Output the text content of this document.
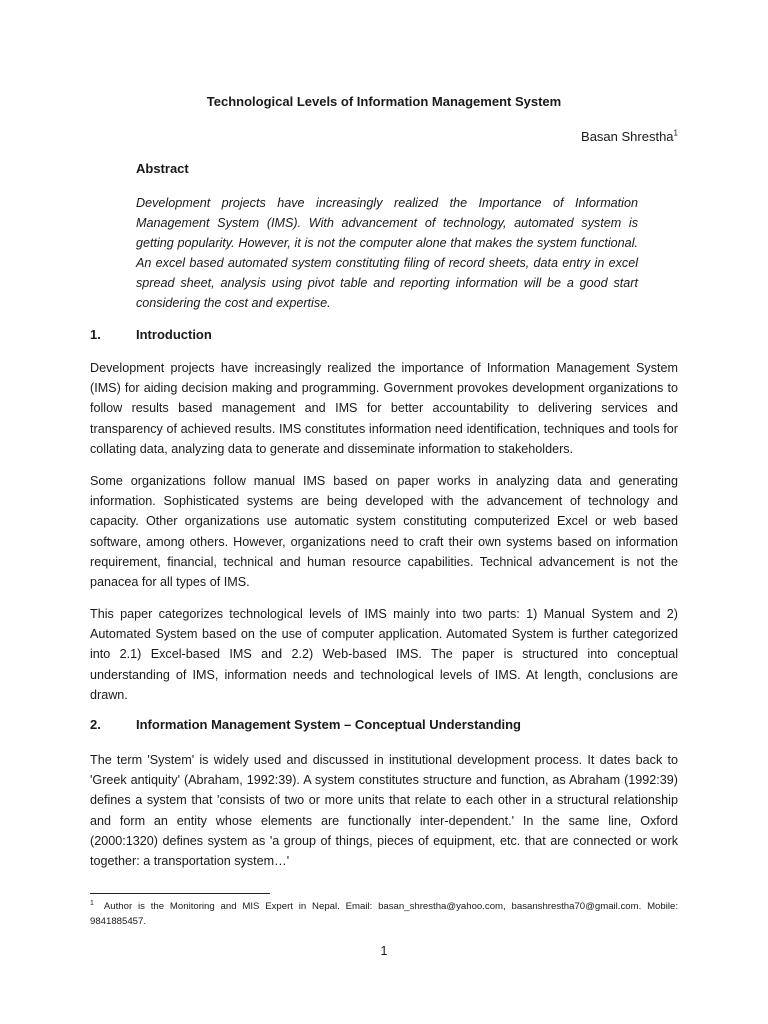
Technological Levels of Information Management System
Basan Shrestha$^1$
Abstract

Development projects have increasingly realized the Importance of Information Management System (IMS). With advancement of technology, automated system is getting popularity. However, it is not the computer alone that makes the system functional. An excel based automated system constituting filing of record sheets, data entry in excel spread sheet, analysis using pivot table and reporting information will be a good start considering the cost and expertise.

1.	Introduction

Development projects have increasingly realized the importance of Information Management System (IMS) for aiding decision making and programming. Government provokes development organizations to follow results based management and IMS for better accountability to delivering services and transparency of achieved results. IMS constitutes information need identification, techniques and tools for collating data, analyzing data to generate and disseminate information to stakeholders.

Some organizations follow manual IMS based on paper works in analyzing data and generating information. Sophisticated systems are being developed with the advancement of technology and capacity. Other organizations use automatic system constituting computerized Excel or web based software, among others. However, organizations need to craft their own systems based on information requirement, financial, technical and human resource capabilities. Technical advancement is not the panacea for all types of IMS.

This paper categorizes technological levels of IMS mainly into two parts: 1) Manual System and 2) Automated System based on the use of computer application. Automated System is further categorized into 2.1) Excel-based IMS and 2.2) Web-based IMS. The paper is structured into conceptual understanding of IMS, information needs and technological levels of IMS. At length, conclusions are drawn.

2.	Information Management System – Conceptual Understanding

The term 'System' is widely used and discussed in institutional development process. It dates back to 'Greek antiquity' (Abraham, 1992:39). A system constitutes structure and function, as Abraham (1992:39) defines a system that 'consists of two or more units that relate to each other in a structural relationship and form an entity whose elements are functionally inter-dependent.' In the same line, Oxford (2000:1320) defines system as 'a group of things, pieces of equipment, etc. that are connected or work together: a transportation system…'

$^1$ Author is the Monitoring and MIS Expert in Nepal. Email: basan_shrestha@yahoo.com, basanshrestha70@gmail.com. Mobile: 9841885457.

1
